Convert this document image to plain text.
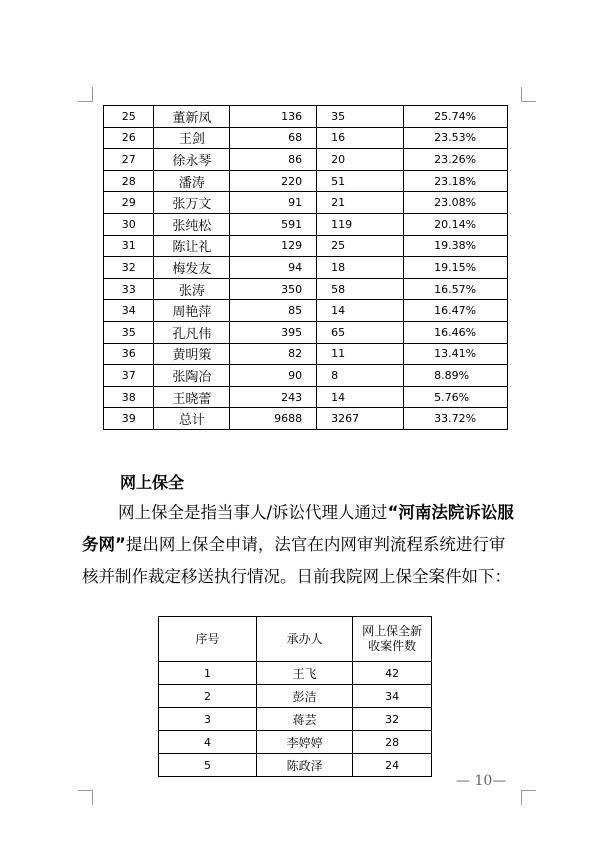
25	董新凤	136	35	25.74%
26	王剑	68	16	23.53%
27	徐永琴	86	20	23.26%
28	潘涛	220	51	23.18%
29	张万文	91	21	23.08%
30	张纯松	591	119	20.14%
31	陈让礼	129	25	19.38%
32	梅发友	94	18	19.15%
33	张涛	350	58	16.57%
34	周艳萍	85	14	16.47%
35	孔凡伟	395	65	16.46%
36	黄明策	82	11	13.41%
37	张陶冶	90	8	8.89%
38	王晓蕾	243	14	5.76%
39	总计	9688	3267	33.72%
网上保全
网上保全是指当事人/诉讼代理人通过“河南法院诉讼服
务网”提出网上保全申请，法官在内网审判流程系统进行审
核并制作裁定移送执行情况。日前我院网上保全案件如下：
序号	承办人	网上保全新收案件数
1	王飞	42
2	彭洁	34
3	蒋芸	32
4	李婷婷	28
5	陈政泽	24
— 10—
